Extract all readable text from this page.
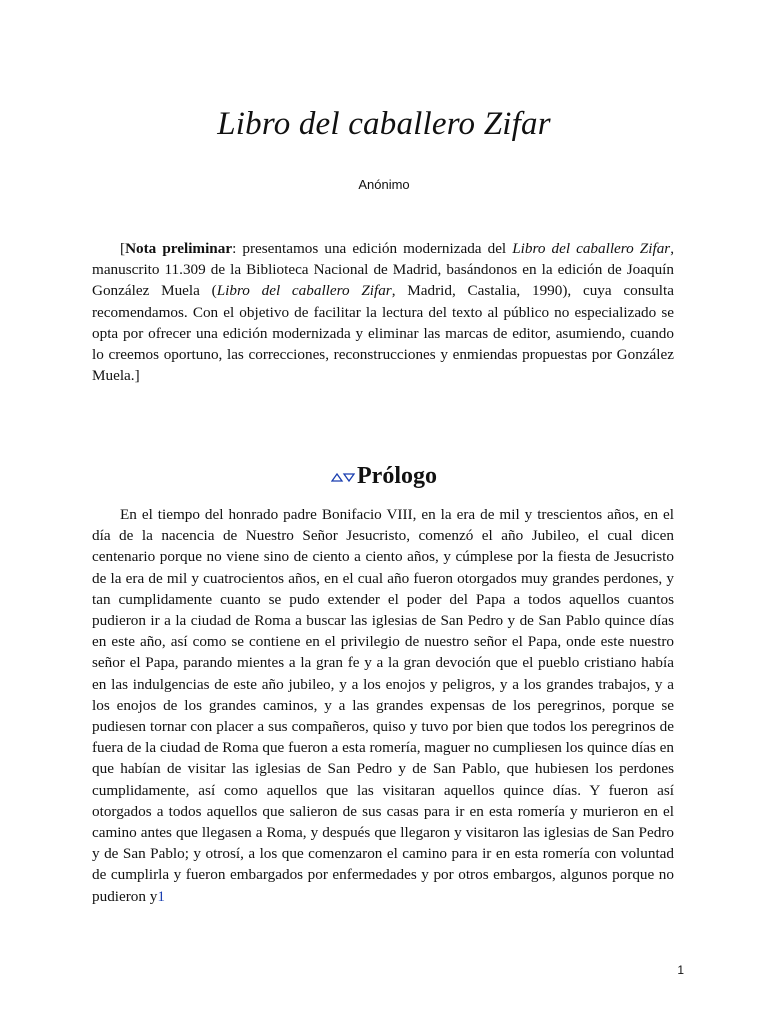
Libro del caballero Zifar
Anónimo

[Nota preliminar: presentamos una edición modernizada del Libro del caballero Zifar, manuscrito 11.309 de la Biblioteca Nacional de Madrid, basándonos en la edición de Joaquín González Muela (Libro del caballero Zifar, Madrid, Castalia, 1990), cuya consulta recomendamos. Con el objetivo de facilitar la lectura del texto al público no especializado se opta por ofrecer una edición modernizada y eliminar las marcas de editor, asumiendo, cuando lo creemos oportuno, las correcciones, reconstrucciones y enmiendas propuestas por González Muela.]

Prólogo

En el tiempo del honrado padre Bonifacio VIII, en la era de mil y trescientos años, en el día de la nacencia de Nuestro Señor Jesucristo, comenzó el año Jubileo, el cual dicen centenario porque no viene sino de ciento a ciento años, y cúmplese por la fiesta de Jesucristo de la era de mil y cuatrocientos años, en el cual año fueron otorgados muy grandes perdones, y tan cumplidamente cuanto se pudo extender el poder del Papa a todos aquellos cuantos pudieron ir a la ciudad de Roma a buscar las iglesias de San Pedro y de San Pablo quince días en este año, así como se contiene en el privilegio de nuestro señor el Papa, onde este nuestro señor el Papa, parando mientes a la gran fe y a la gran devoción que el pueblo cristiano había en las indulgencias de este año jubileo, y a los enojos y peligros, y a los grandes trabajos, y a los enojos de los grandes caminos, y a las grandes expensas de los peregrinos, porque se pudiesen tornar con placer a sus compañeros, quiso y tuvo por bien que todos los peregrinos de fuera de la ciudad de Roma que fueron a esta romería, maguer no cumpliesen los quince días en que habían de visitar las iglesias de San Pedro y de San Pablo, que hubiesen los perdones cumplidamente, así como aquellos que las visitaran aquellos quince días. Y fueron así otorgados a todos aquellos que salieron de sus casas para ir en esta romería y murieron en el camino antes que llegasen a Roma, y después que llegaron y visitaron las iglesias de San Pedro y de San Pablo; y otrosí, a los que comenzaron el camino para ir en esta romería con voluntad de cumplirla y fueron embargados por enfermedades y por otros embargos, algunos porque no pudieron y1

1
